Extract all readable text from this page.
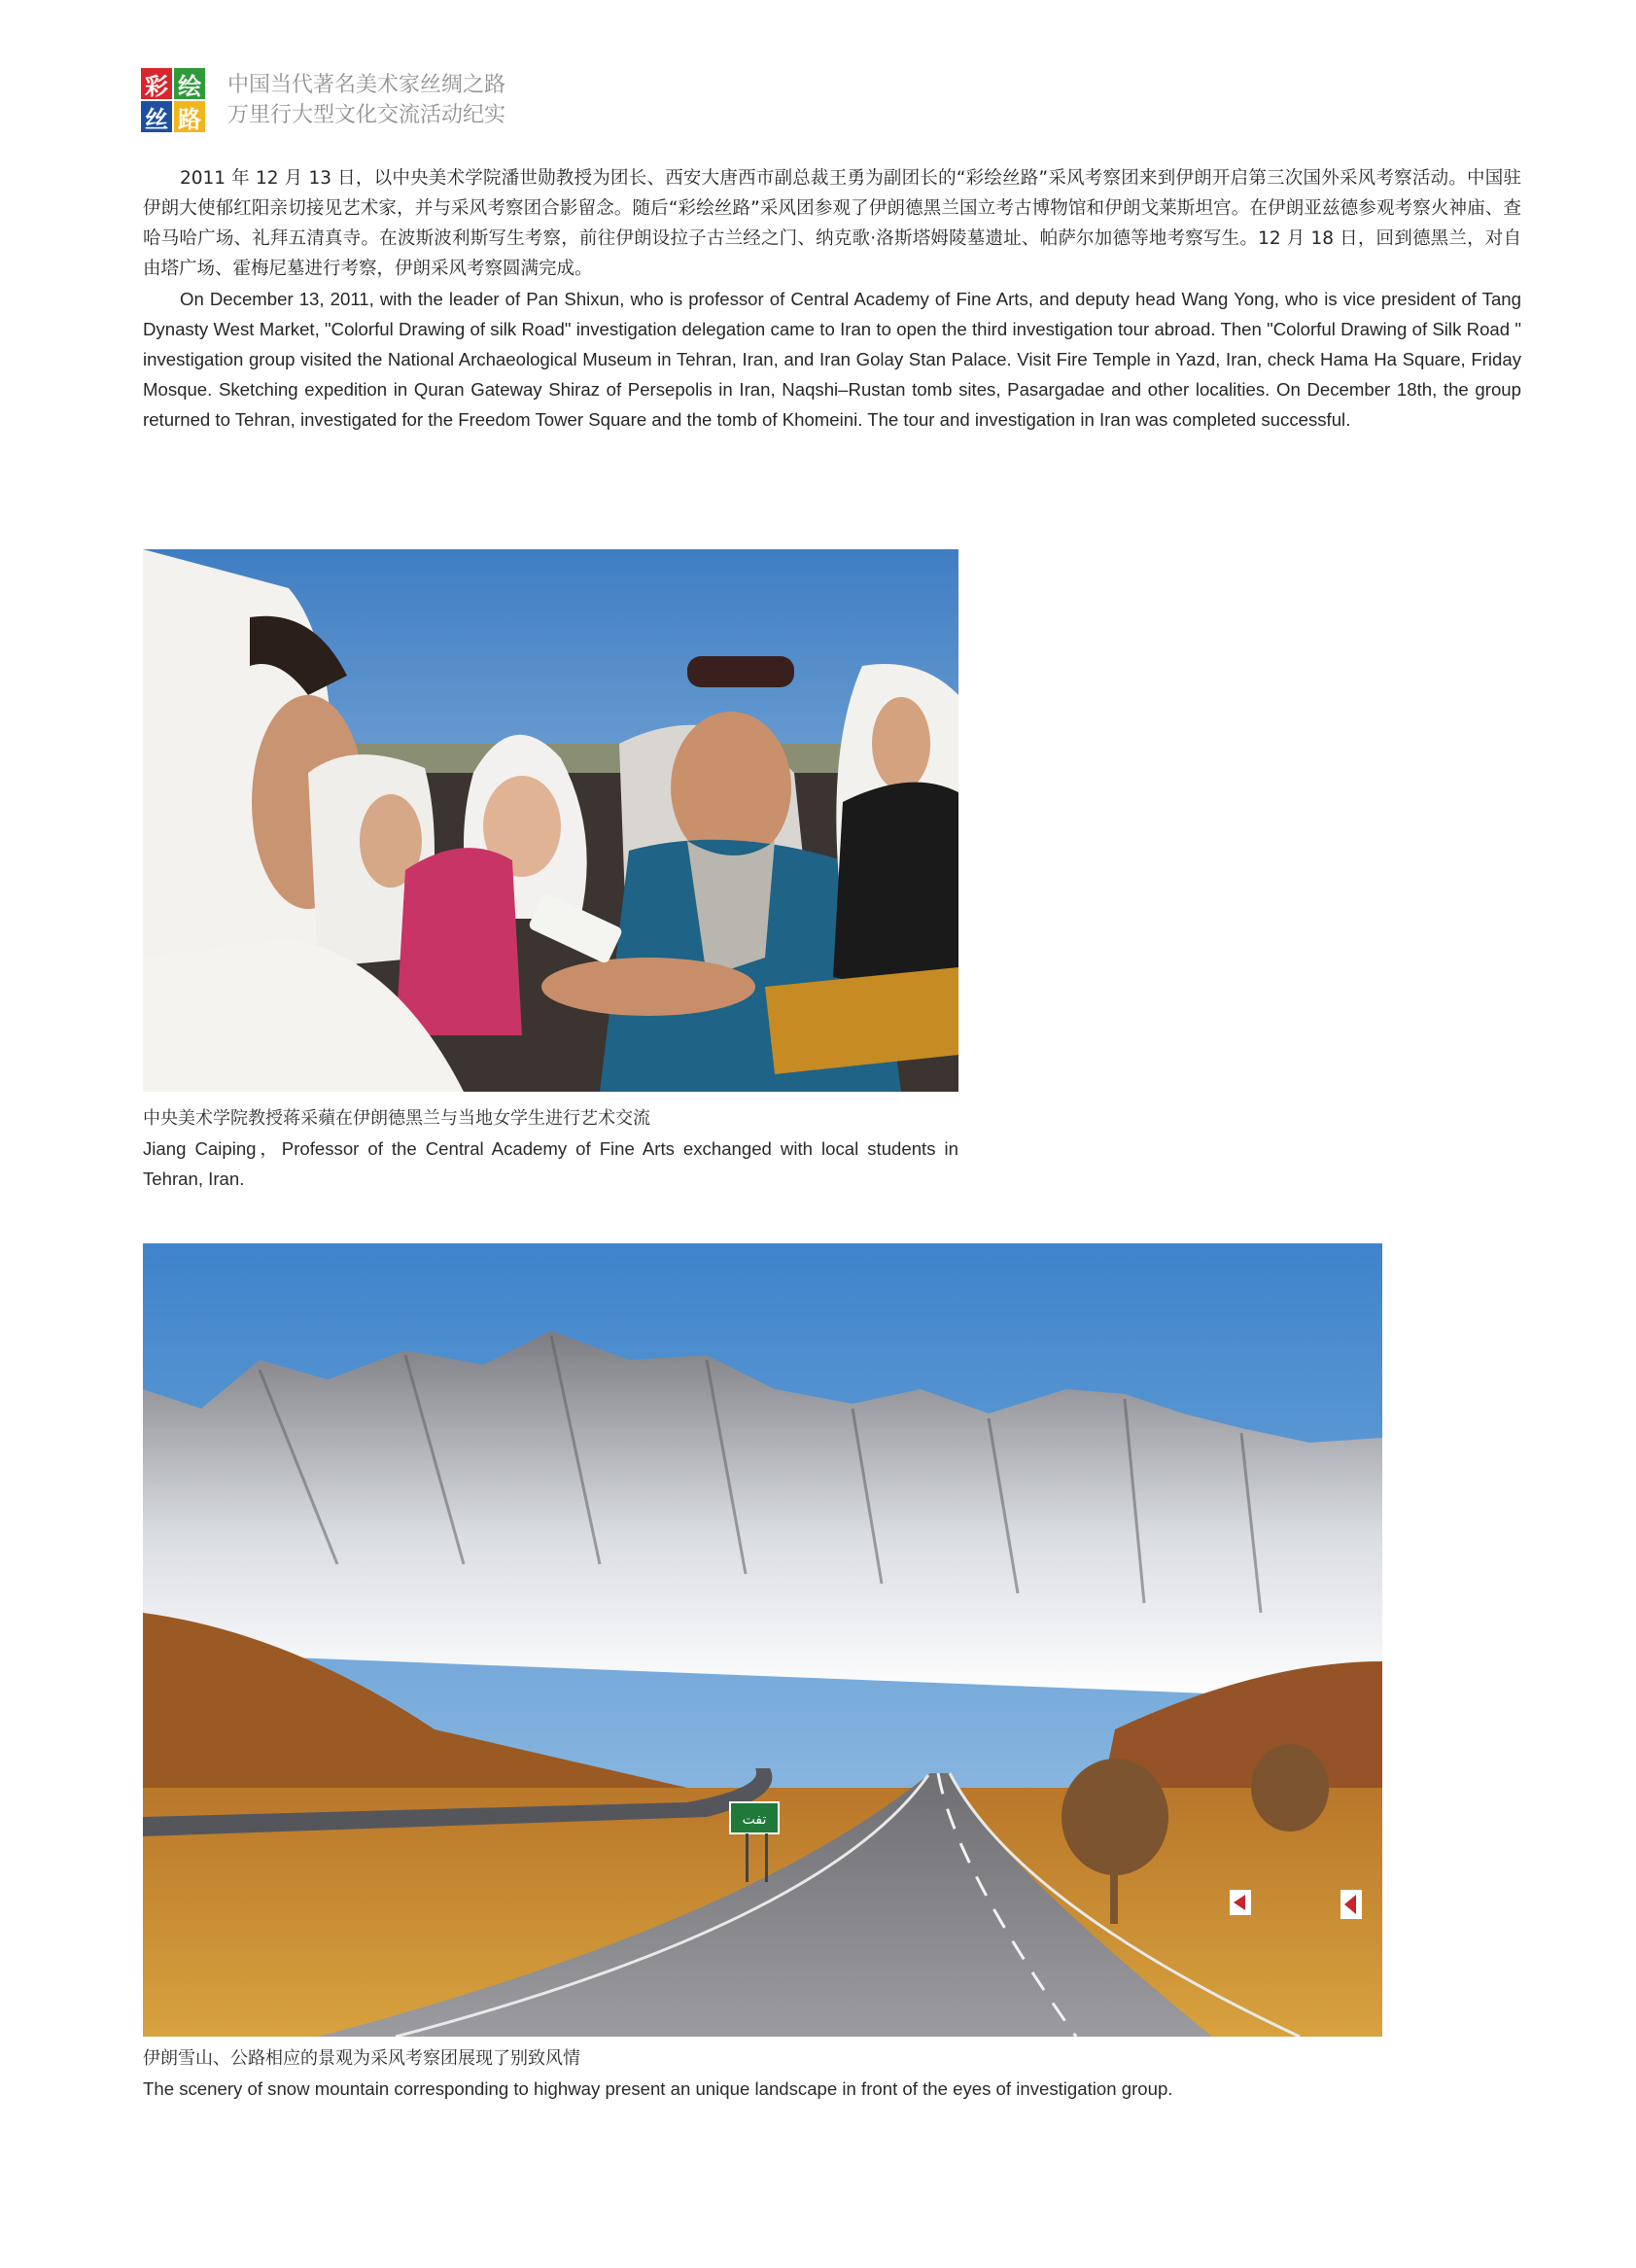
彩 绘
丝 路
中国当代著名美术家丝绸之路
万里行大型文化交流活动纪实

2011 年 12 月 13 日，以中央美术学院潘世勋教授为团长、西安大唐西市副总裁王勇为副团长的“彩绘丝路”采风考察团来到伊朗开启第三次国外采风考察活动。中国驻伊朗大使郁红阳亲切接见艺术家，并与采风考察团合影留念。随后“彩绘丝路”采风团参观了伊朗德黑兰国立考古博物馆和伊朗戈莱斯坦宫。在伊朗亚兹德参观考察火神庙、查哈马哈广场、礼拜五清真寺。在波斯波利斯写生考察，前往伊朗设拉子古兰经之门、纳克歌·洛斯塔姆陵墓遗址、帕萨尔加德等地考察写生。12 月 18 日，回到德黑兰，对自由塔广场、霍梅尼墓进行考察，伊朗采风考察圆满完成。

On December 13, 2011, with the leader of Pan Shixun, who is professor of Central Academy of Fine Arts, and deputy head Wang Yong, who is vice president of Tang Dynasty West Market, "Colorful Drawing of silk Road" investigation delegation came to Iran to open the third investigation tour abroad. Then "Colorful Drawing of Silk Road " investigation group visited the National Archaeological Museum in Tehran, Iran, and Iran Golay Stan Palace. Visit Fire Temple in Yazd, Iran, check Hama Ha Square, Friday Mosque. Sketching expedition in Quran Gateway Shiraz of Persepolis in Iran, Naqshi–Rustan tomb sites, Pasargadae and other localities. On December 18th, the group returned to Tehran, investigated for the Freedom Tower Square and the tomb of Khomeini. The tour and investigation in Iran was completed successful.

中央美术学院教授蒋采蘋在伊朗德黑兰与当地女学生进行艺术交流
Jiang Caiping，Professor of the Central Academy of Fine Arts exchanged with local students in Tehran, Iran.
تفت
伊朗雪山、公路相应的景观为采风考察团展现了别致风情
The scenery of snow mountain corresponding to highway present an unique landscape in front of the eyes of investigation group.
